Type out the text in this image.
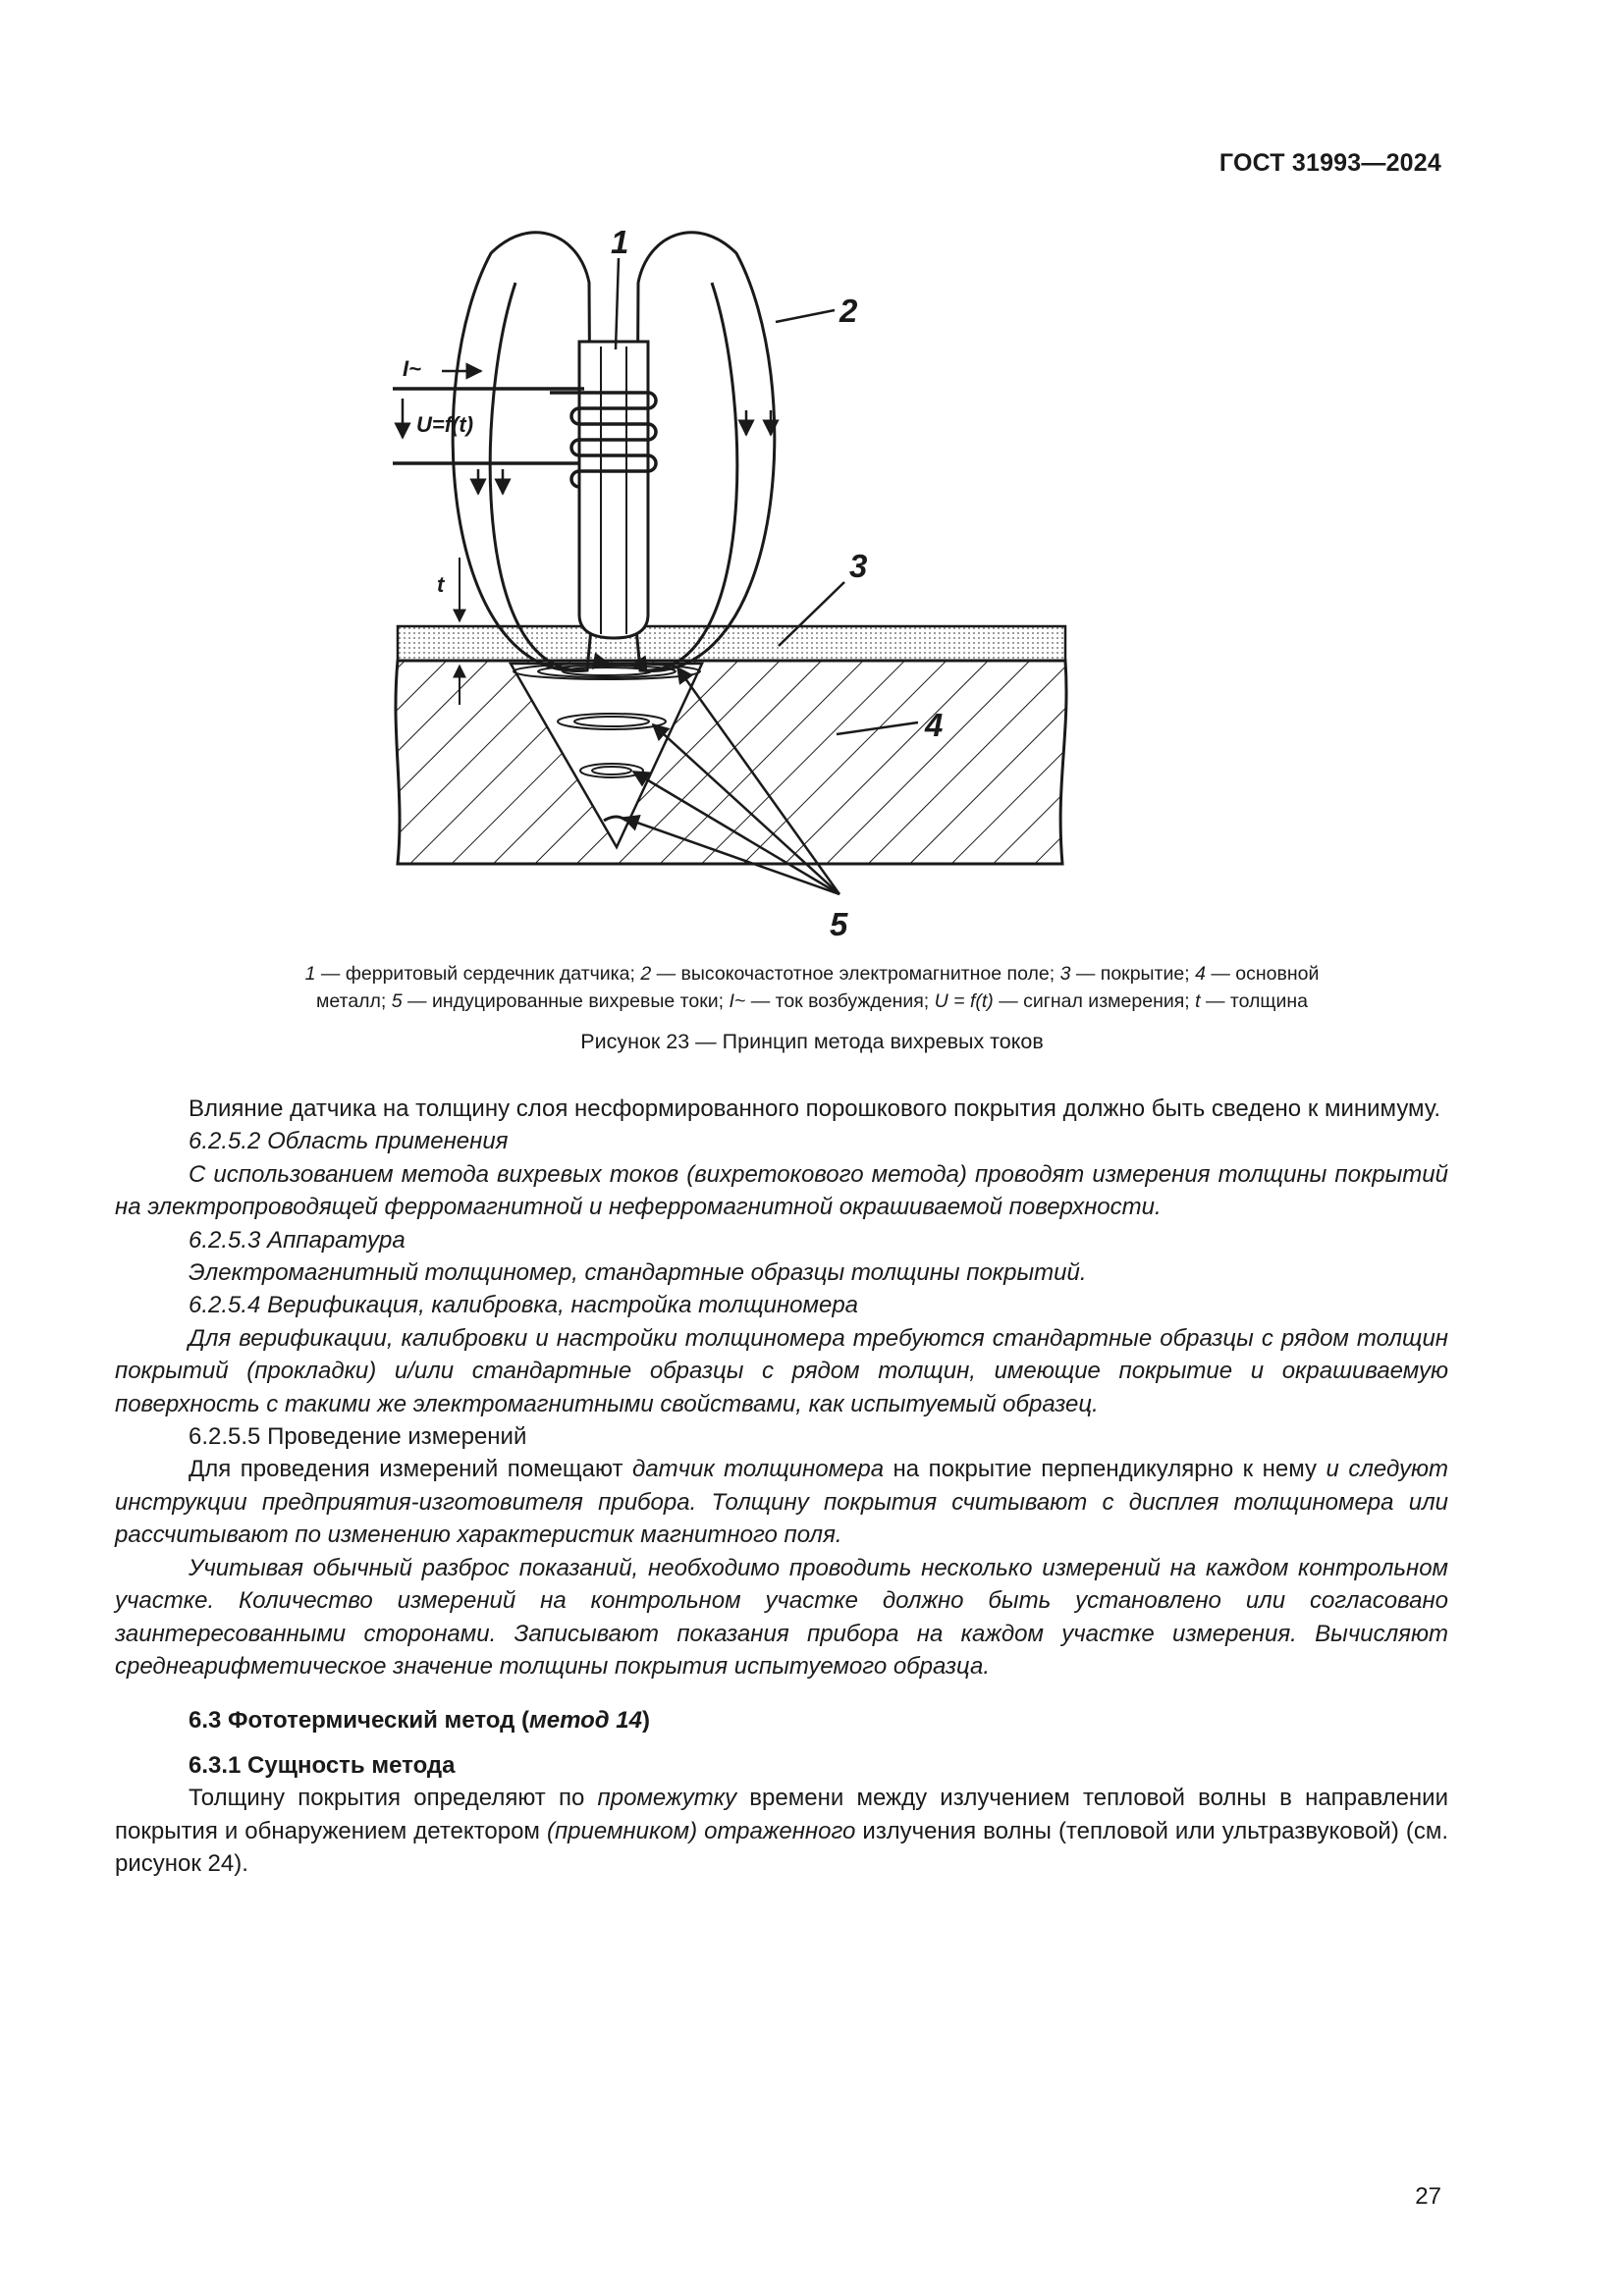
ГОСТ 31993—2024
I~
U=f(t)
t
1
2
3
4
5
1 — ферритовый сердечник датчика; 2 — высокочастотное электромагнитное поле; 3 — покрытие; 4 — основной
металл; 5 — индуцированные вихревые токи; I~ — ток возбуждения; U = f(t) — сигнал измерения; t — толщина
Рисунок 23 — Принцип метода вихревых токов

Влияние датчика на толщину слоя несформированного порошкового покрытия должно быть сведено к минимуму.

6.2.5.2 Область применения

С использованием метода вихревых токов (вихретокового метода) проводят измерения толщины покрытий на электропроводящей ферромагнитной и неферромагнитной окрашиваемой поверхности.

6.2.5.3 Аппаратура

Электромагнитный толщиномер, стандартные образцы толщины покрытий.

6.2.5.4 Верификация, калибровка, настройка толщиномера

Для верификации, калибровки и настройки толщиномера требуются стандартные образцы с рядом толщин покрытий (прокладки) и/или стандартные образцы с рядом толщин, имеющие покрытие и окрашиваемую поверхность с такими же электромагнитными свойствами, как испытуемый образец.

6.2.5.5 Проведение измерений

Для проведения измерений помещают датчик толщиномера на покрытие перпендикулярно к нему и следуют инструкции предприятия-изготовителя прибора. Толщину покрытия считывают с дисплея толщиномера или рассчитывают по изменению характеристик магнитного поля.

Учитывая обычный разброс показаний, необходимо проводить несколько измерений на каждом контрольном участке. Количество измерений на контрольном участке должно быть установлено или согласовано заинтересованными сторонами. Записывают показания прибора на каждом участке измерения. Вычисляют среднеарифметическое значение толщины покрытия испытуемого образца.

6.3 Фототермический метод (метод 14)
6.3.1 Сущность метода

Толщину покрытия определяют по промежутку времени между излучением тепловой волны в направлении покрытия и обнаружением детектором (приемником) отраженного излучения волны (тепловой или ультразвуковой) (см. рисунок 24).

27
